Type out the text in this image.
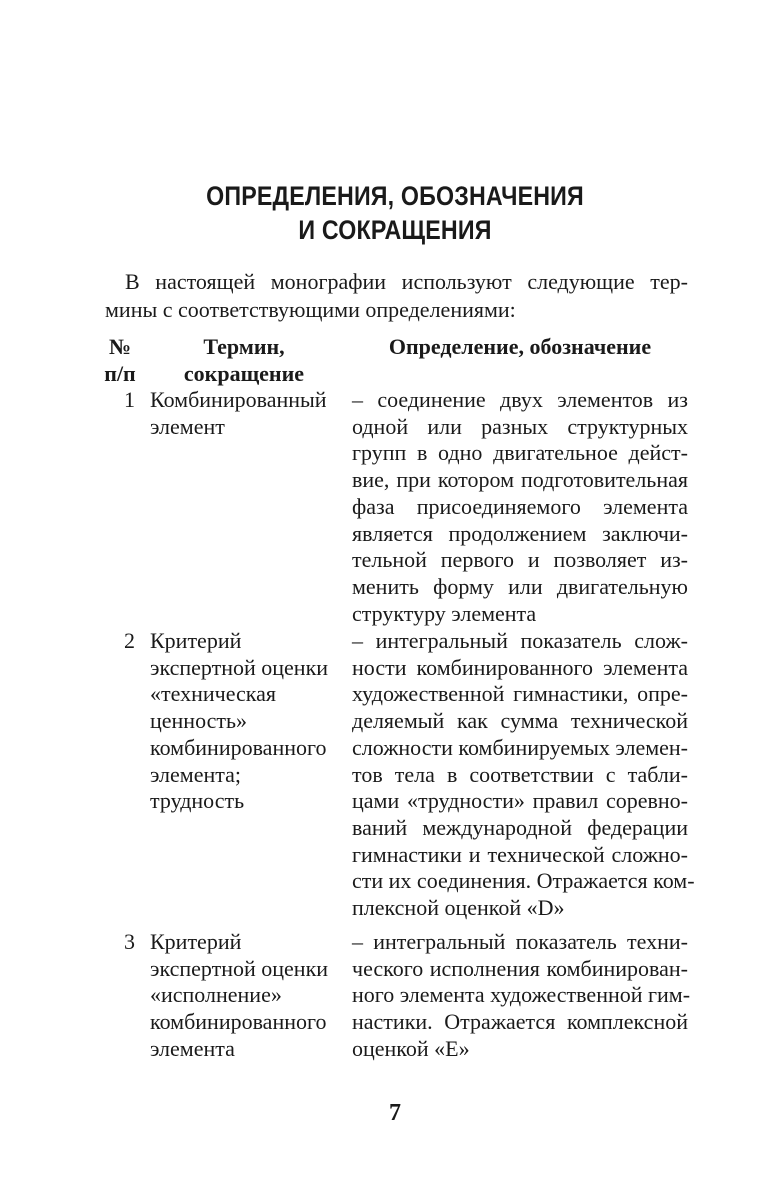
ОПРЕДЕЛЕНИЯ, ОБОЗНАЧЕНИЯ
И СОКРАЩЕНИЯ
В настоящей монографии используют следующие тер-
мины с соответствующими определениями:
№
п/п
Термин,
сокращение
Определение, обозначение
1 Комбинированный
элемент
– соединение двух элементов из
одной или разных структурных
групп в одно двигательное дейст-
вие, при котором подготовительная
фаза присоединяемого элемента
является продолжением заключи-
тельной первого и позволяет из-
менить форму или двигательную
структуру элемента
2 Критерий
экспертной оценки
«техническая
ценность»
комбинированного
элемента;
трудность
– интегральный показатель слож-
ности комбинированного элемента
художественной гимнастики, опре-
деляемый как сумма технической
сложности комбинируемых элемен-
тов тела в соответствии с табли-
цами «трудности» правил соревно-
ваний международной федерации
гимнастики и технической сложно-
сти их соединения. Отражается ком-
плексной оценкой «D»
3 Критерий
экспертной оценки
«исполнение»
комбинированного
элемента
– интегральный показатель техни-
ческого исполнения комбинирован-
ного элемента художественной гим-
настики. Отражается комплексной
оценкой «E»
7
